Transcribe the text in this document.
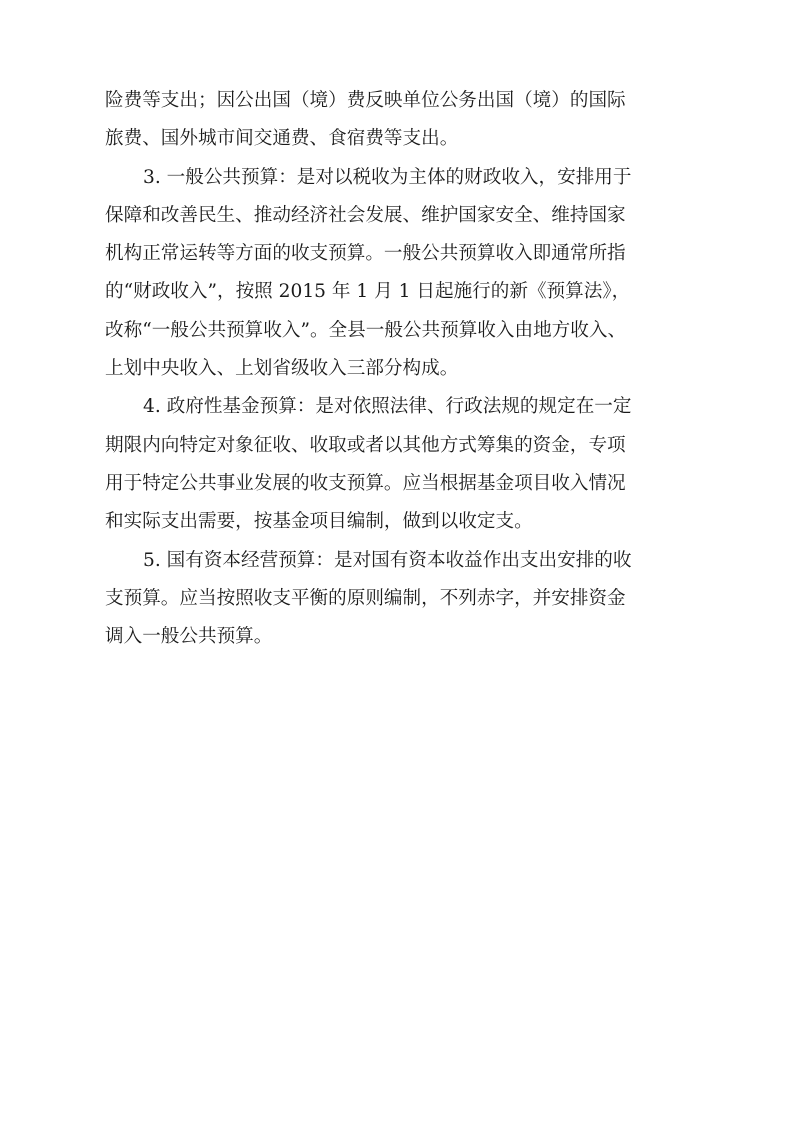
险费等支出；因公出国（境）费反映单位公务出国（境）的国际
旅费、国外城市间交通费、食宿费等支出。

3. 一般公共预算：是对以税收为主体的财政收入，安排用于
保障和改善民生、推动经济社会发展、维护国家安全、维持国家
机构正常运转等方面的收支预算。一般公共预算收入即通常所指
的“财政收入”，按照 2015 年 1 月 1 日起施行的新《预算法》，
改称“一般公共预算收入”。全县一般公共预算收入由地方收入、
上划中央收入、上划省级收入三部分构成。

4. 政府性基金预算：是对依照法律、行政法规的规定在一定
期限内向特定对象征收、收取或者以其他方式筹集的资金，专项
用于特定公共事业发展的收支预算。应当根据基金项目收入情况
和实际支出需要，按基金项目编制，做到以收定支。

5. 国有资本经营预算：是对国有资本收益作出支出安排的收
支预算。应当按照收支平衡的原则编制，不列赤字，并安排资金
调入一般公共预算。
